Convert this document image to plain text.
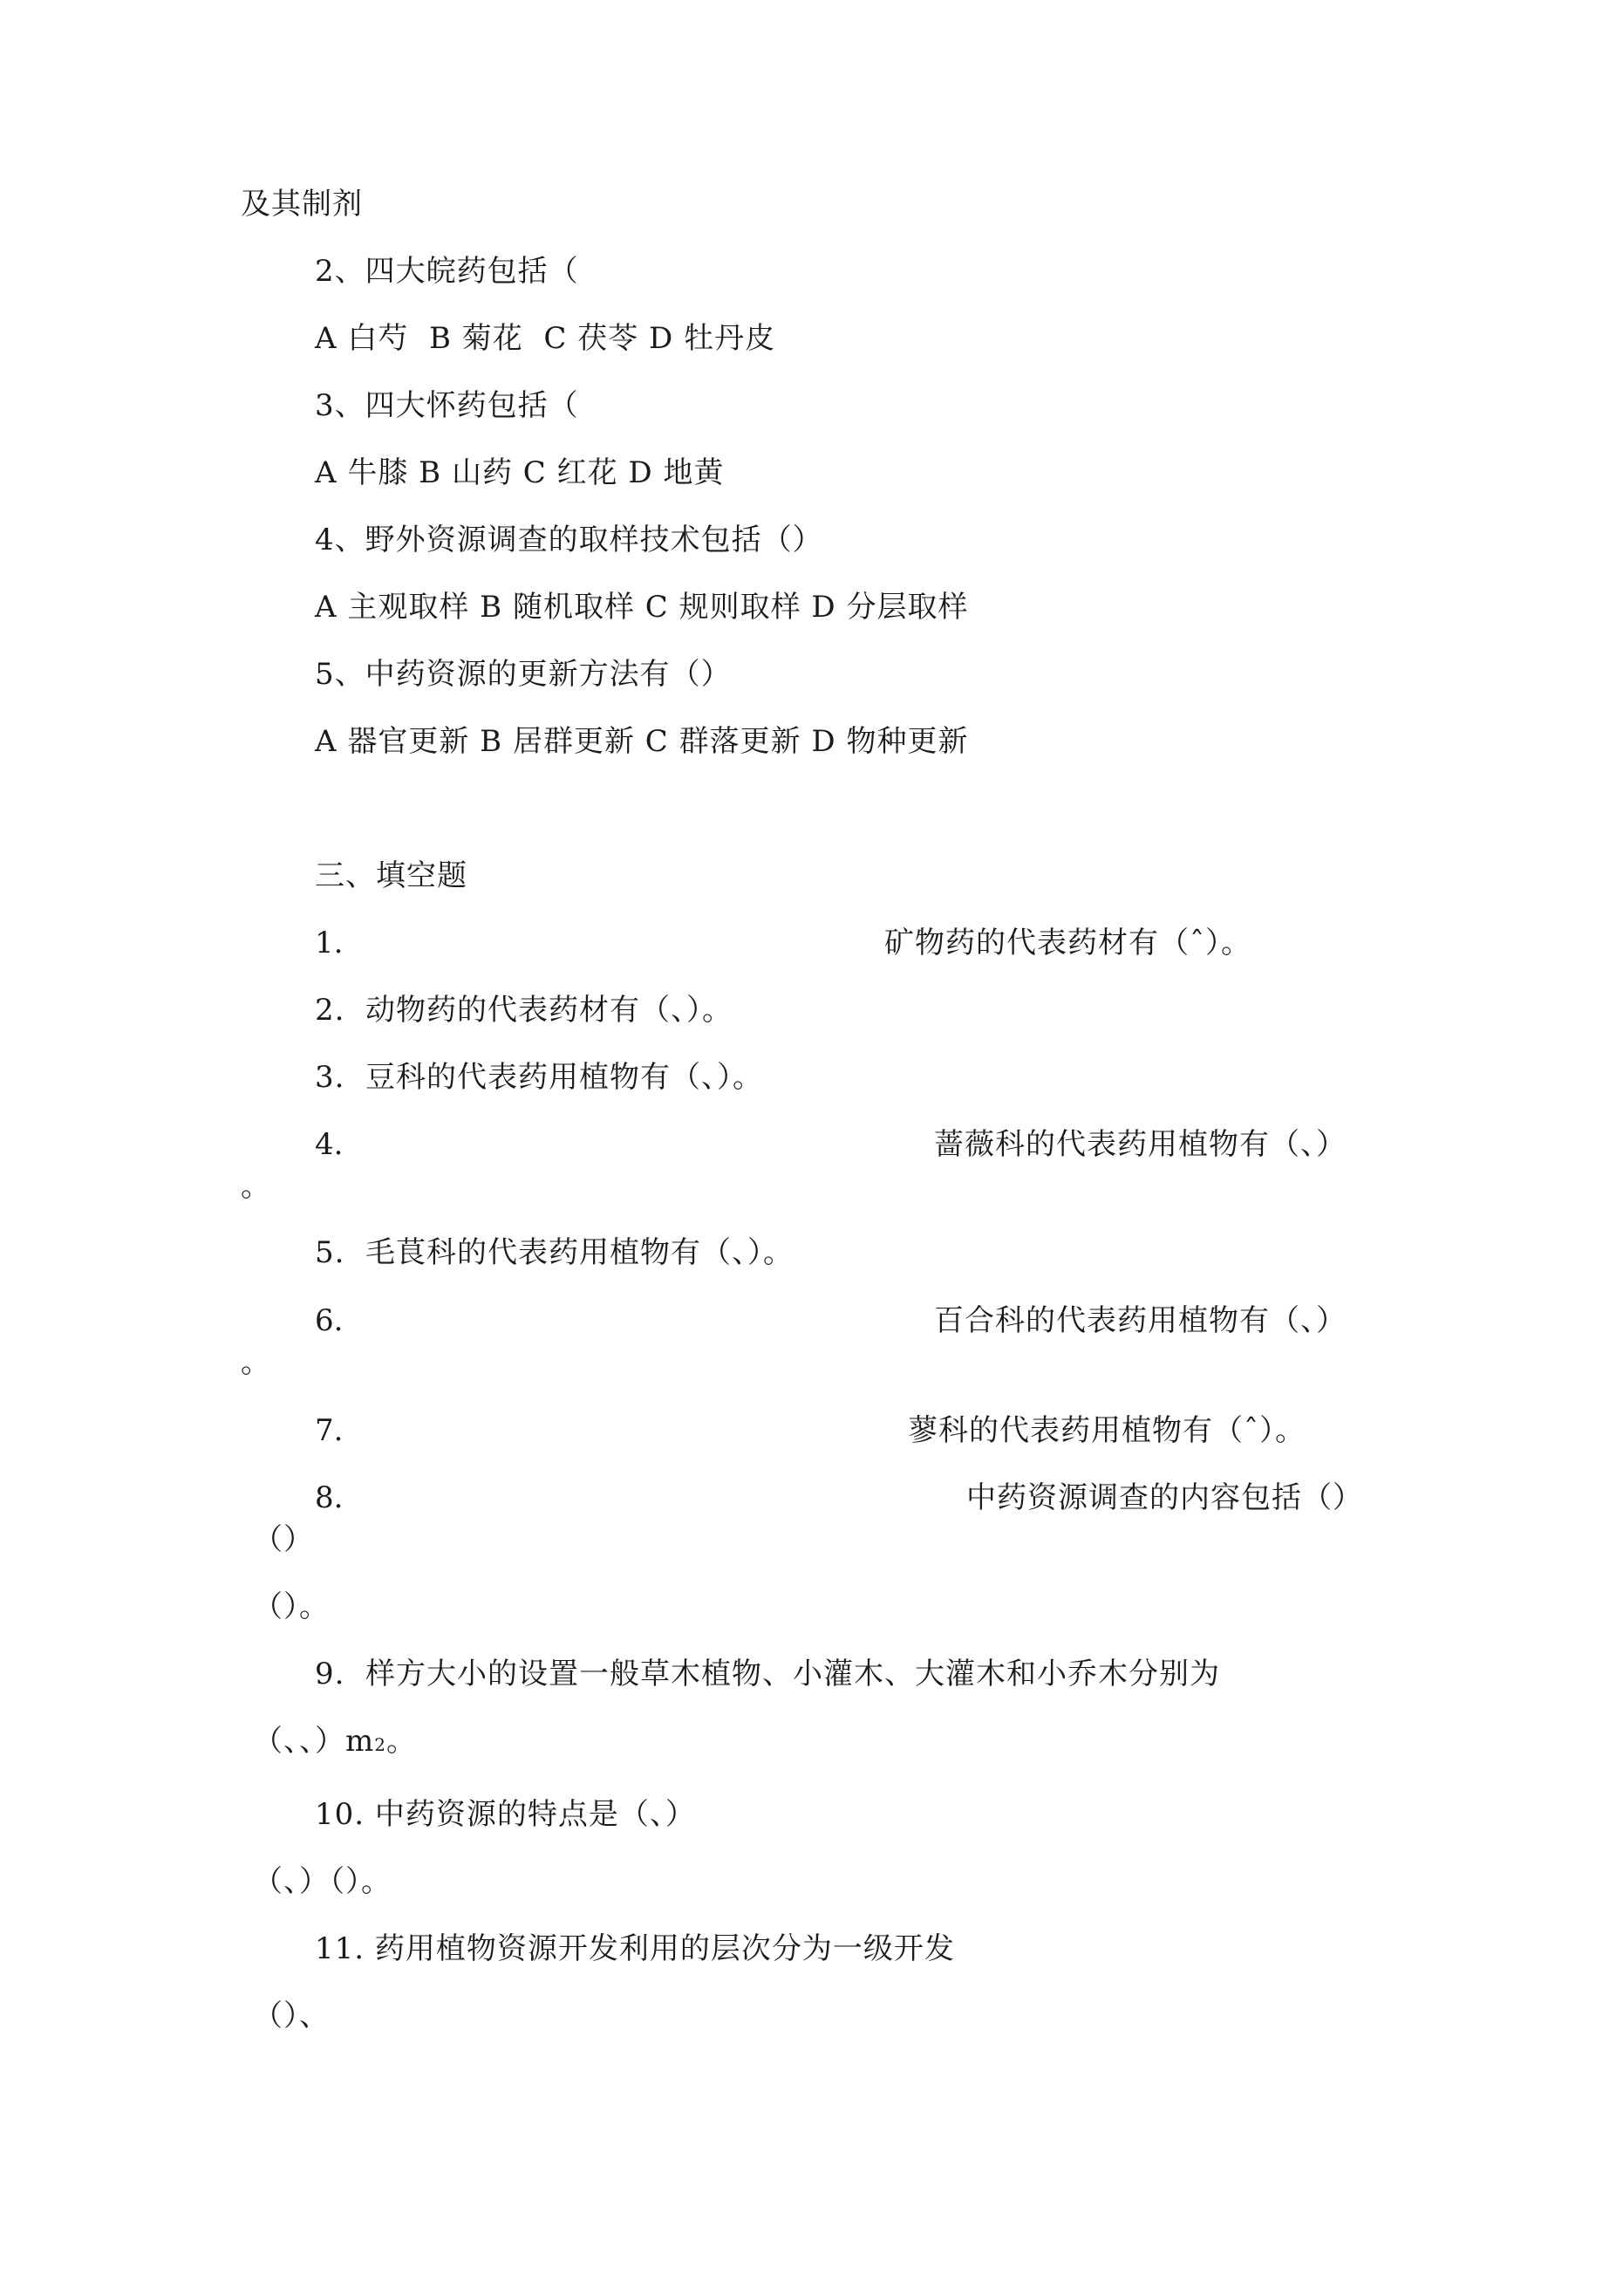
及其制剂
2、四大皖药包括（
A 白芍  B 菊花  C 茯苓 D 牡丹皮
3、四大怀药包括（
A 牛膝 B 山药 C 红花 D 地黄
4、野外资源调查的取样技术包括（）
A 主观取样 B 随机取样 C 规则取样 D 分层取样
5、中药资源的更新方法有（）
A 器官更新 B 居群更新 C 群落更新 D 物种更新
三、填空题
1.	矿物药的代表药材有（ˆ）。
2.  动物药的代表药材有（、）。
3.  豆科的代表药用植物有（、）。
4.	蔷薇科的代表药用植物有（、）
。
5.  毛茛科的代表药用植物有（、）。
6.	百合科的代表药用植物有（、）
。
7.	蓼科的代表药用植物有（ˆ）。
8.	中药资源调查的内容包括（）
（）
（）。
9.  样方大小的设置一般草木植物、小灌木、大灌木和小乔木分别为
（、、）m2。
10. 中药资源的特点是（、）
（、）（）。
11. 药用植物资源开发利用的层次分为一级开发
（）、
